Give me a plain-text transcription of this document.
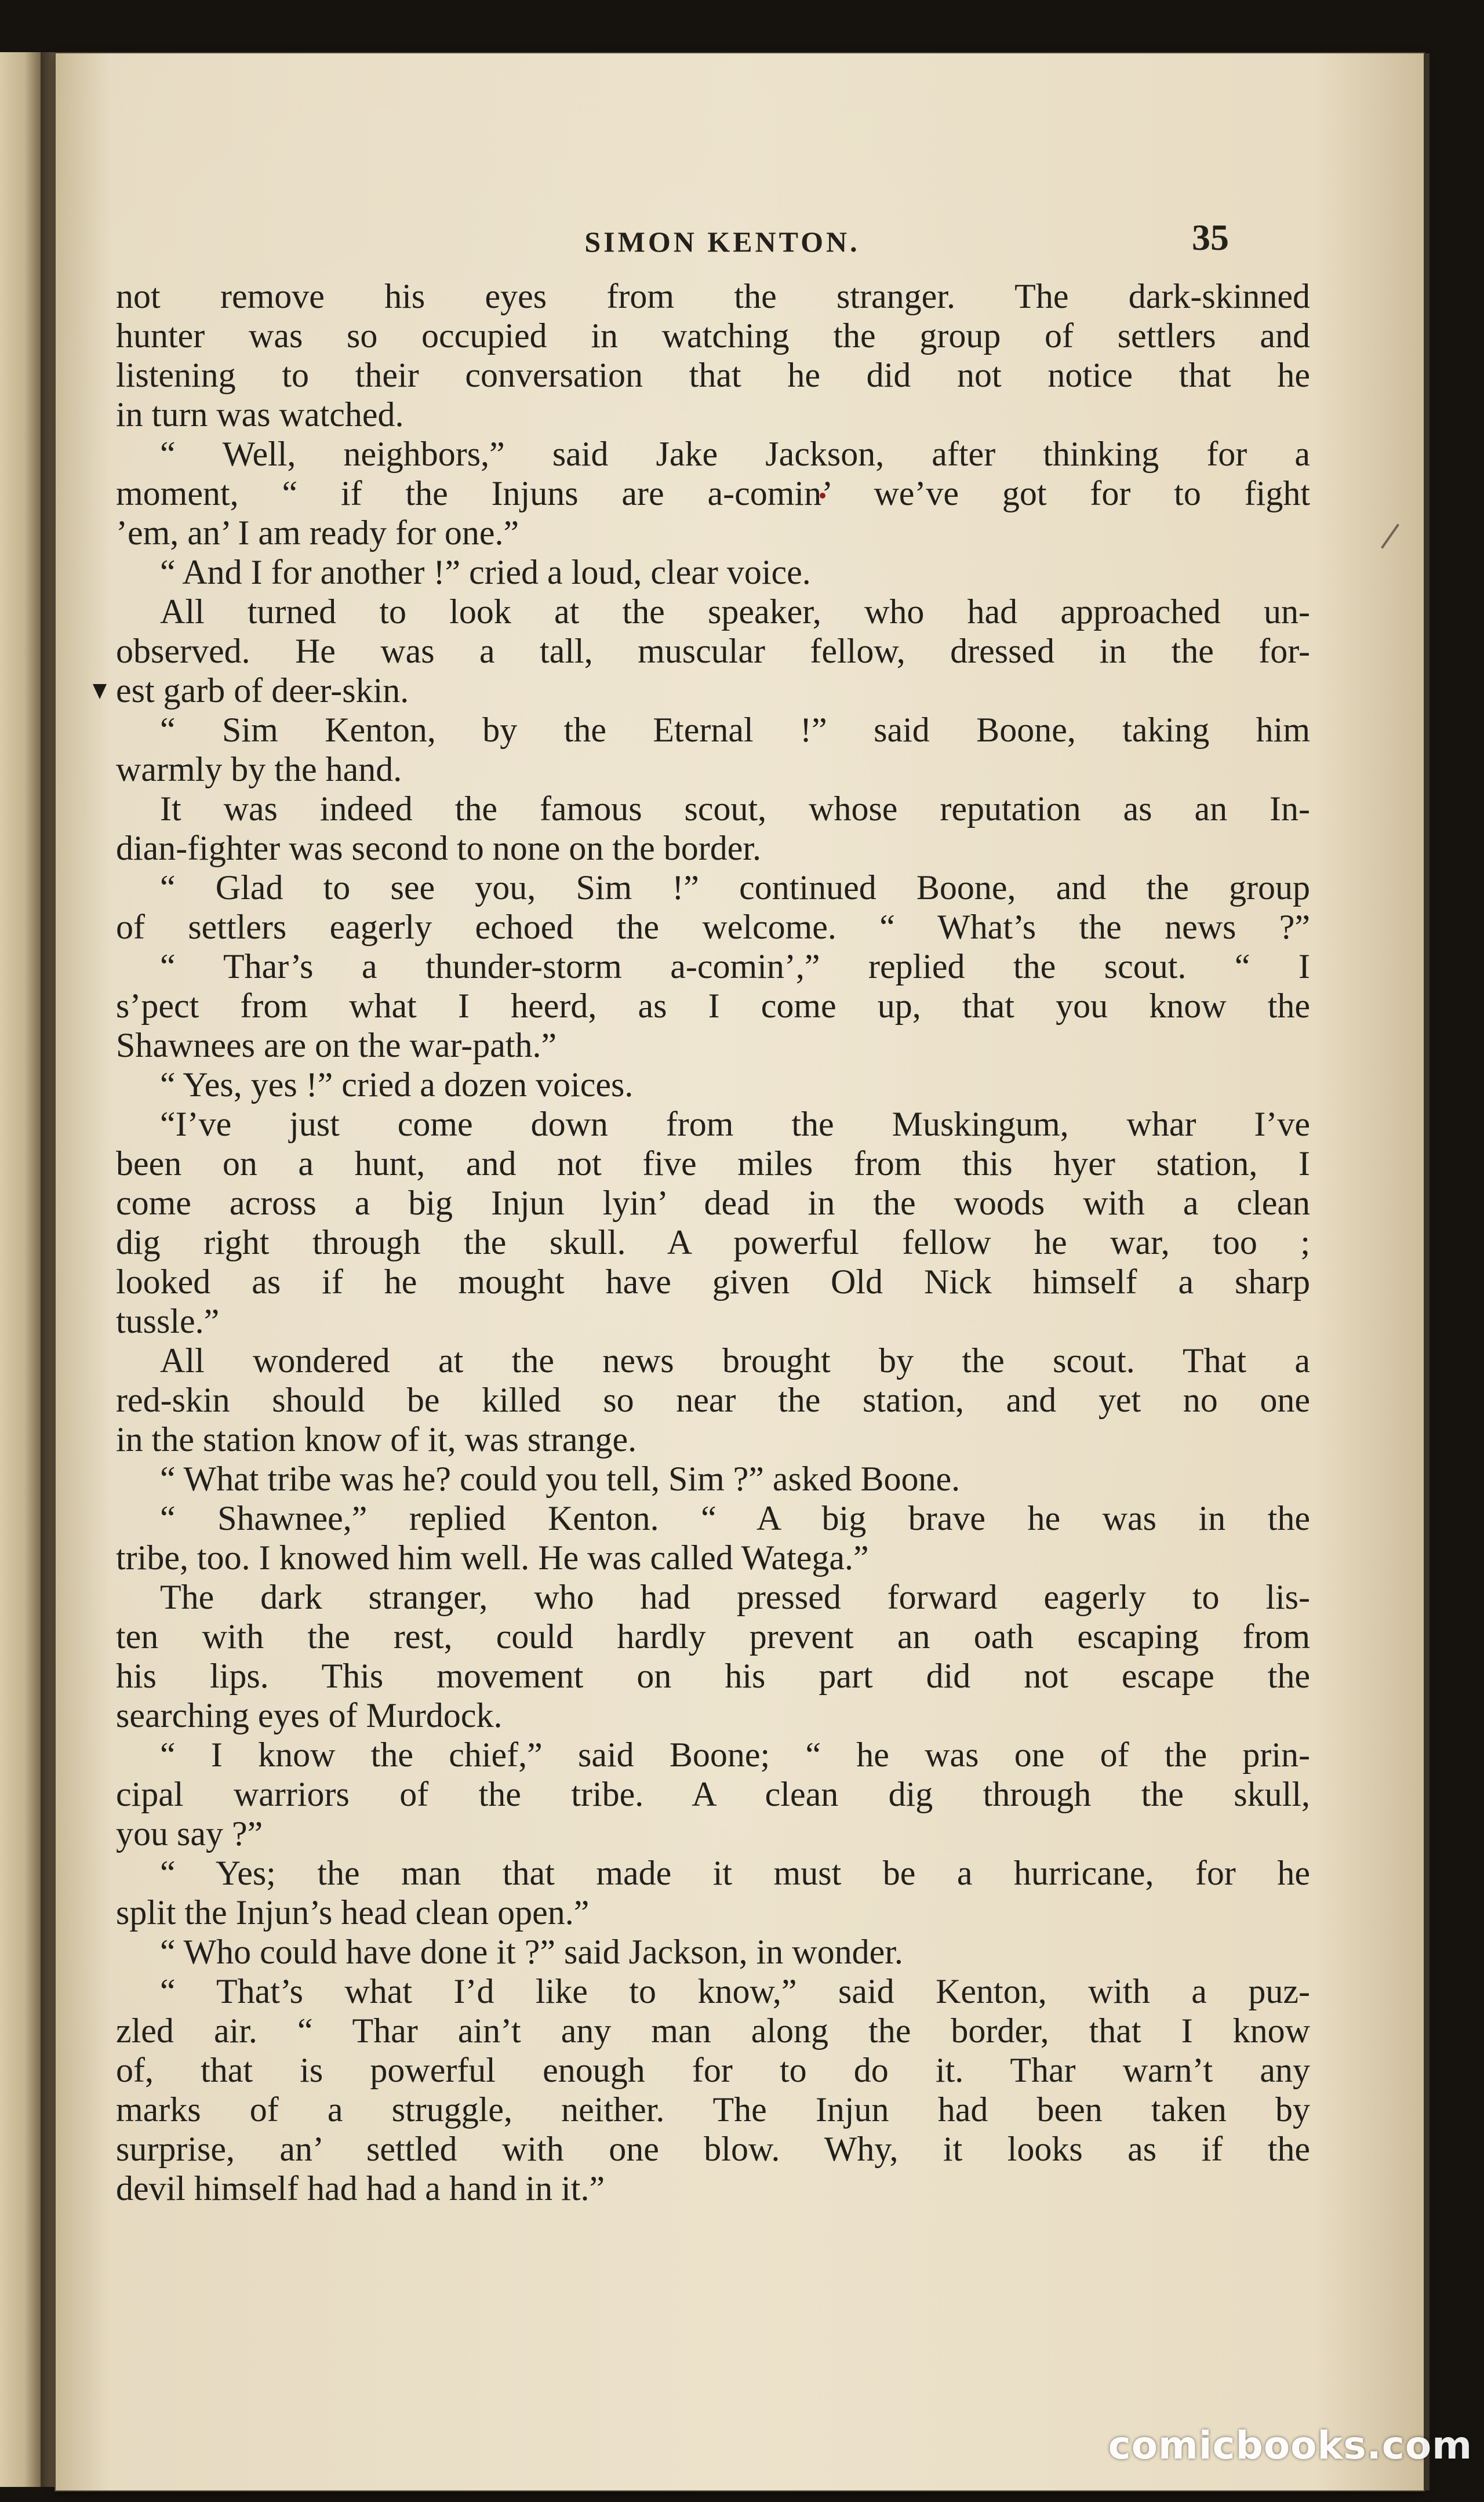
SIMON KENTON.	35
not remove his eyes from the stranger. The dark-skinned
hunter was so occupied in watching the group of settlers and
listening to their conversation that he did not notice that he
in turn was watched.
“ Well, neighbors,” said Jake Jackson, after thinking for a
moment, “ if the Injuns are a-comin’ we’ve got for to fight
’em, an’ I am ready for one.”
“ And I for another !” cried a loud, clear voice.
All turned to look at the speaker, who had approached un-
observed. He was a tall, muscular fellow, dressed in the for-
est garb of deer-skin.
“ Sim Kenton, by the Eternal !” said Boone, taking him
warmly by the hand.
It was indeed the famous scout, whose reputation as an In-
dian-fighter was second to none on the border.
“ Glad to see you, Sim !” continued Boone, and the group
of settlers eagerly echoed the welcome. “ What’s the news ?”
“ Thar’s a thunder-storm a-comin’,” replied the scout. “ I
s’pect from what I heerd, as I come up, that you know the
Shawnees are on the war-path.”
“ Yes, yes !” cried a dozen voices.
“I’ve just come down from the Muskingum, whar I’ve
been on a hunt, and not five miles from this hyer station, I
come across a big Injun lyin’ dead in the woods with a clean
dig right through the skull. A powerful fellow he war, too ;
looked as if he mought have given Old Nick himself a sharp
tussle.”
All wondered at the news brought by the scout. That a
red-skin should be killed so near the station, and yet no one
in the station know of it, was strange.
“ What tribe was he? could you tell, Sim ?” asked Boone.
“ Shawnee,” replied Kenton. “ A big brave he was in the
tribe, too. I knowed him well. He was called Watega.”
The dark stranger, who had pressed forward eagerly to lis-
ten with the rest, could hardly prevent an oath escaping from
his lips. This movement on his part did not escape the
searching eyes of Murdock.
“ I know the chief,” said Boone; “ he was one of the prin-
cipal warriors of the tribe. A clean dig through the skull,
you say ?”
“ Yes; the man that made it must be a hurricane, for he
split the Injun’s head clean open.”
“ Who could have done it ?” said Jackson, in wonder.
“ That’s what I’d like to know,” said Kenton, with a puz-
zled air. “ Thar ain’t any man along the border, that I know
of, that is powerful enough for to do it. Thar warn’t any
marks of a struggle, neither. The Injun had been taken by
surprise, an’ settled with one blow. Why, it looks as if the
devil himself had had a hand in it.”
comicbooks.com
